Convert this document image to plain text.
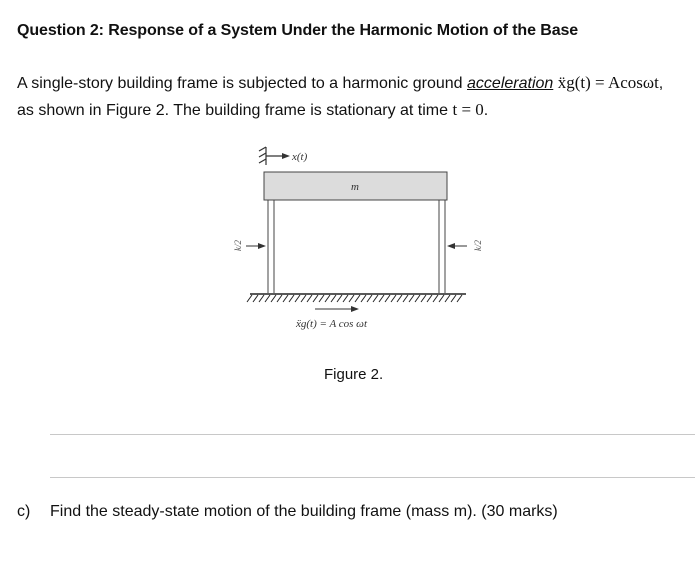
Question 2: Response of a System Under the Harmonic Motion of the Base
A single-story building frame is subjected to a harmonic ground acceleration ẍg(t) = Acosωt,
as shown in Figure 2. The building frame is stationary at time t = 0.
x(t)
m
k/2	k/2
ẍg(t) = A cos ωt
Figure 2.
c) Find the steady-state motion of the building frame (mass m). (30 marks)
